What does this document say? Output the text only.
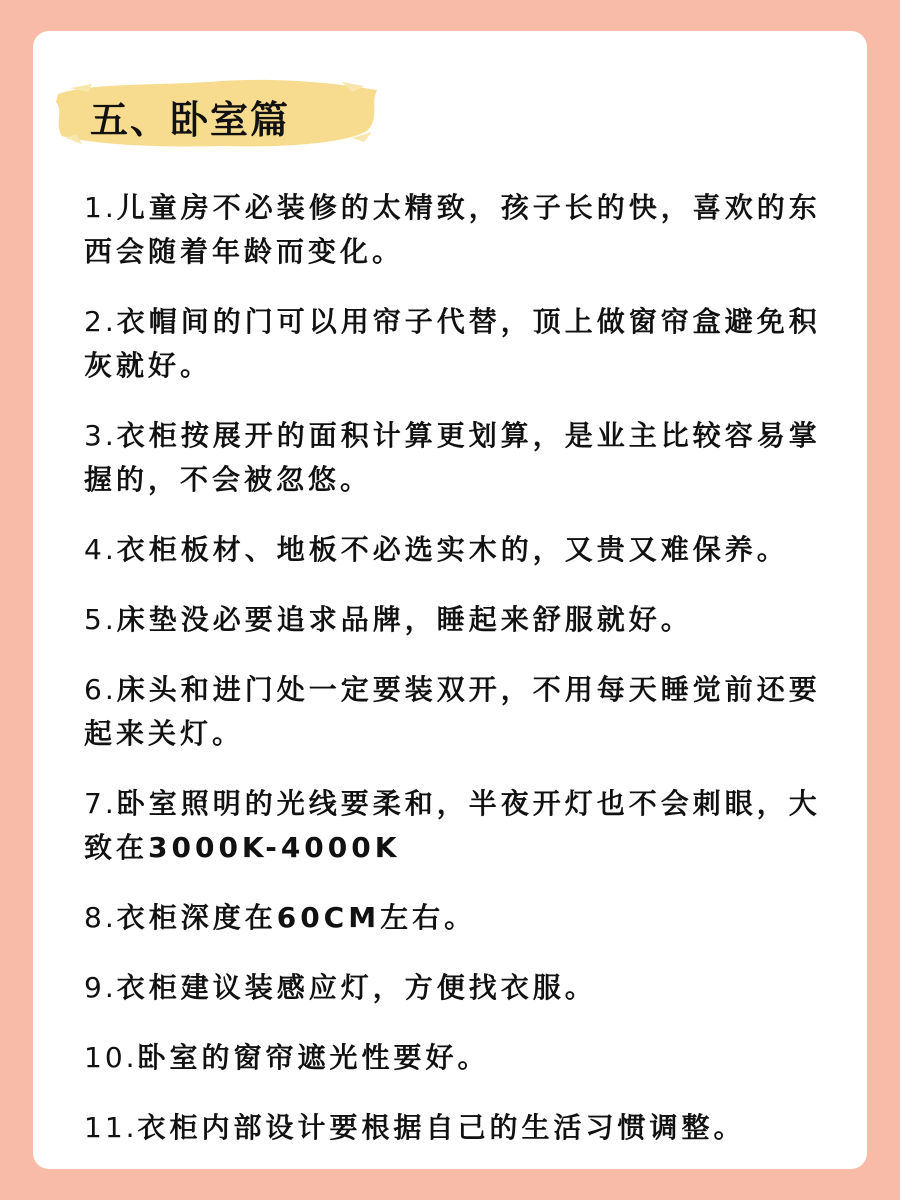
五、卧室篇
1.儿童房不必装修的太精致，孩子长的快，喜欢的东西会随着年龄而变化。
2.衣帽间的门可以用帘子代替，顶上做窗帘盒避免积灰就好。
3.衣柜按展开的面积计算更划算，是业主比较容易掌握的，不会被忽悠。
4.衣柜板材、地板不必选实木的，又贵又难保养。
5.床垫没必要追求品牌，睡起来舒服就好。
6.床头和进门处一定要装双开，不用每天睡觉前还要起来关灯。
7.卧室照明的光线要柔和，半夜开灯也不会刺眼，大致在3000K-4000K
8.衣柜深度在60CM左右。
9.衣柜建议装感应灯，方便找衣服。
10.卧室的窗帘遮光性要好。
11.衣柜内部设计要根据自己的生活习惯调整。
